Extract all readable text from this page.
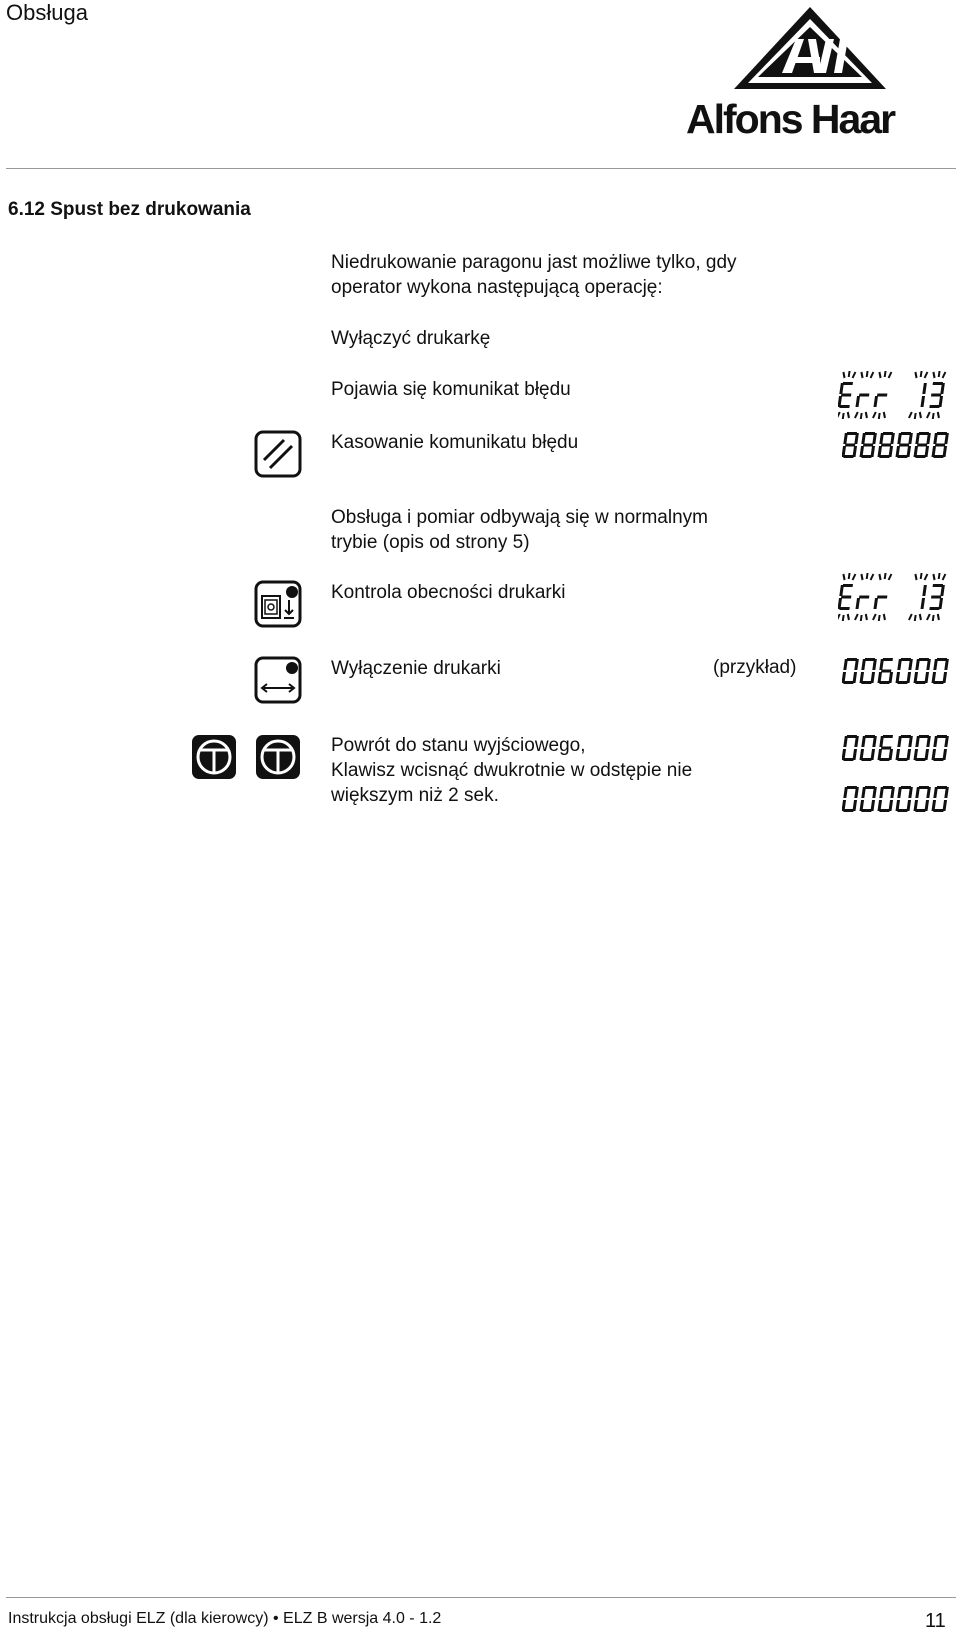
Obsługa
Alfons Haar
6.12 Spust bez drukowania
Niedrukowanie paragonu jast możliwe tylko, gdy
operator wykona następującą operację:
Wyłączyć drukarkę
Pojawia się komunikat błędu
Kasowanie komunikatu błędu
Obsługa i pomiar odbywają się w normalnym
trybie (opis od strony 5)
Kontrola obecności drukarki
Wyłączenie drukarki	(przykład)
Powrót do stanu wyjściowego,
Klawisz wcisnąć dwukrotnie w odstępie nie
większym niż 2 sek.
Instrukcja obsługi ELZ (dla kierowcy) • ELZ B wersja 4.0 - 1.2	11
